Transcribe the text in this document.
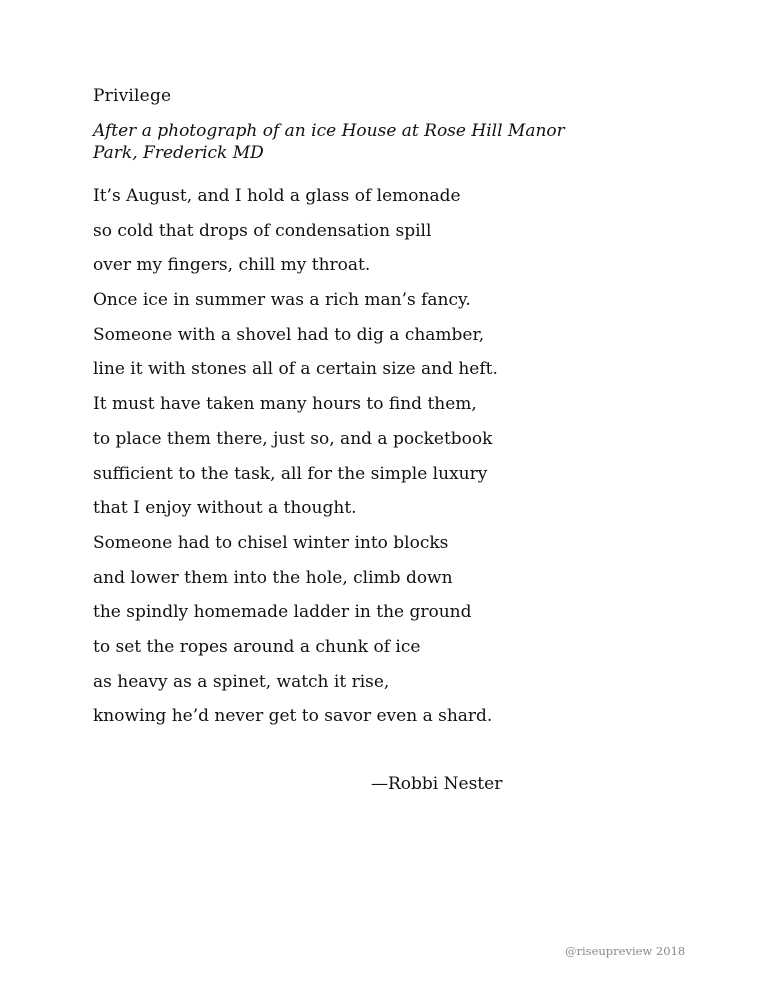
Privilege
After a photograph of an ice House at Rose Hill Manor
Park, Frederick MD
It’s August, and I hold a glass of lemonade
so cold that drops of condensation spill
over my fingers, chill my throat.
Once ice in summer was a rich man’s fancy.
Someone with a shovel had to dig a chamber,
line it with stones all of a certain size and heft.
It must have taken many hours to find them,
to place them there, just so, and a pocketbook
sufficient to the task, all for the simple luxury
that I enjoy without a thought.
Someone had to chisel winter into blocks
and lower them into the hole, climb down
the spindly homemade ladder in the ground
to set the ropes around a chunk of ice
as heavy as a spinet, watch it rise,
knowing he’d never get to savor even a shard.
—Robbi Nester
@riseupreview 2018
